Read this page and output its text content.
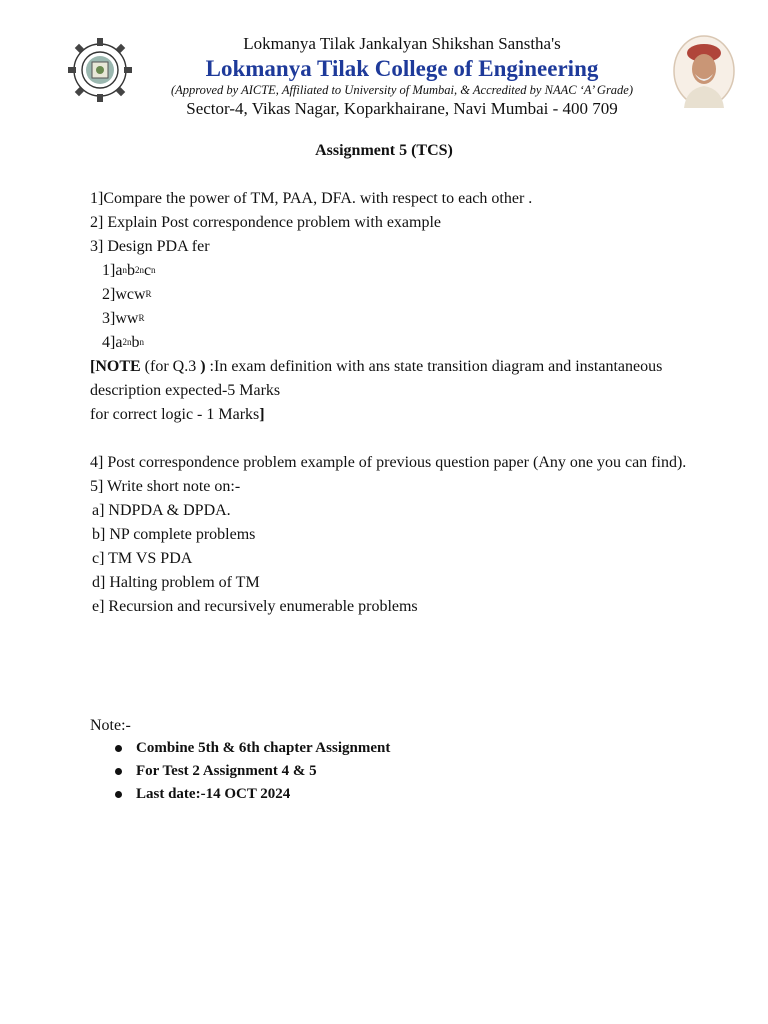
Lokmanya Tilak Jankalyan Shikshan Sanstha's
Lokmanya Tilak College of Engineering
(Approved by AICTE, Affiliated to University of Mumbai, & Accredited by NAAC ‘A’ Grade)
Sector-4, Vikas Nagar, Koparkhairane, Navi Mumbai - 400 709
Assignment 5 (TCS)

1]Compare the power of TM, PAA, DFA. with respect to each other .

2] Explain Post correspondence problem with example

3] Design PDA fer

$1]a^nb^{2n}c^n$

2]wcw$^R$

$3]ww^R$

$4]a^{2n}b^n$

[NOTE (for Q.3 ) :In exam definition with ans state transition diagram and instantaneous description expected-5 Marks

for correct logic - 1 Marks]

4] Post correspondence problem example of previous question paper (Any one you can find).

5] Write short note on:-

a] NDPDA & DPDA.

b] NP complete problems

c] TM VS PDA

d] Halting problem of TM

e] Recursion and recursively enumerable problems

Note:-
Combine 5th & 6th chapter Assignment
For Test 2 Assignment 4 & 5
Last date:-14 OCT 2024
